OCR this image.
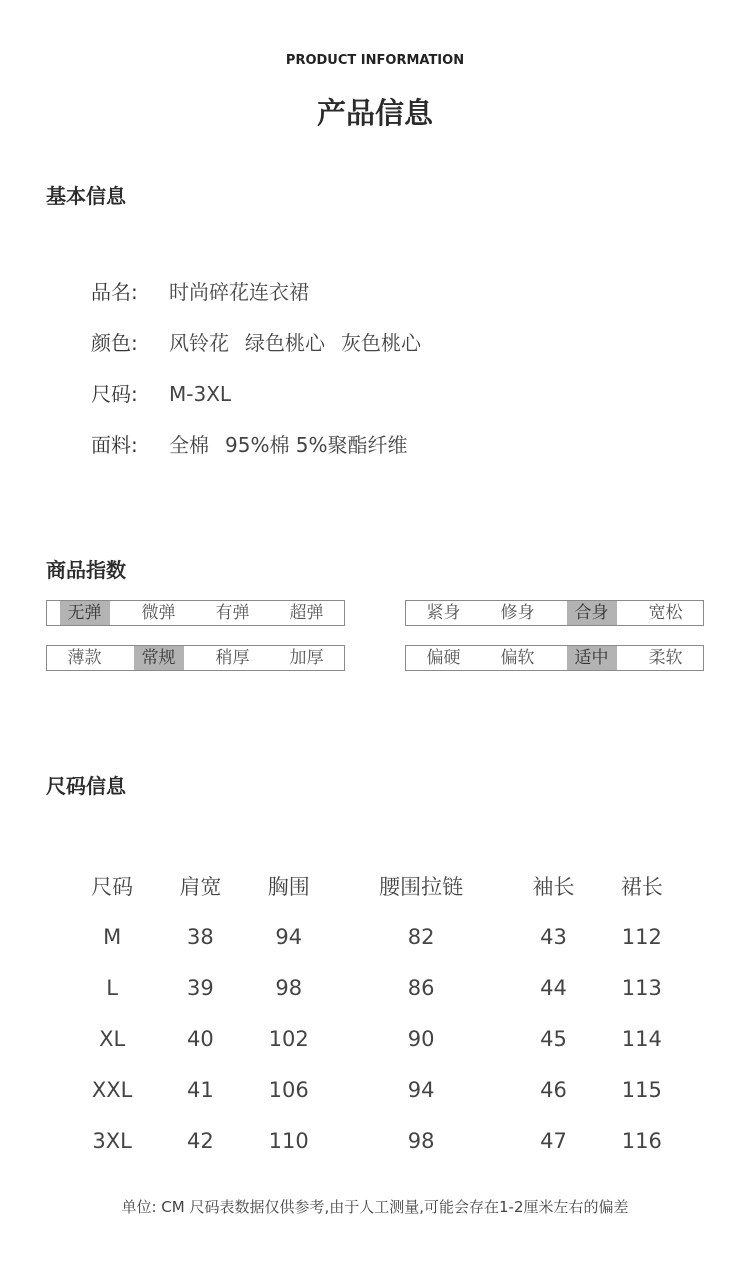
PRODUCT INFORMATION
产品信息
基本信息
品名: 时尚碎花连衣裙
颜色: 风铃花 绿色桃心 灰色桃心
尺码: M-3XL
面料: 全棉 95%棉 5%聚酯纤维
商品指数
无弹	微弹	有弹	超弹	紧身	修身	合身	宽松
薄款	常规	稍厚	加厚	偏硬	偏软	适中	柔软
尺码信息
尺码	肩宽	胸围	腰围拉链	袖长	裙长
M	38	94	82	43	112
L	39	98	86	44	113
XL	40	102	90	45	114
XXL	41	106	94	46	115
3XL	42	110	98	47	116
单位: CM 尺码表数据仅供参考,由于人工测量,可能会存在1-2厘米左右的偏差
